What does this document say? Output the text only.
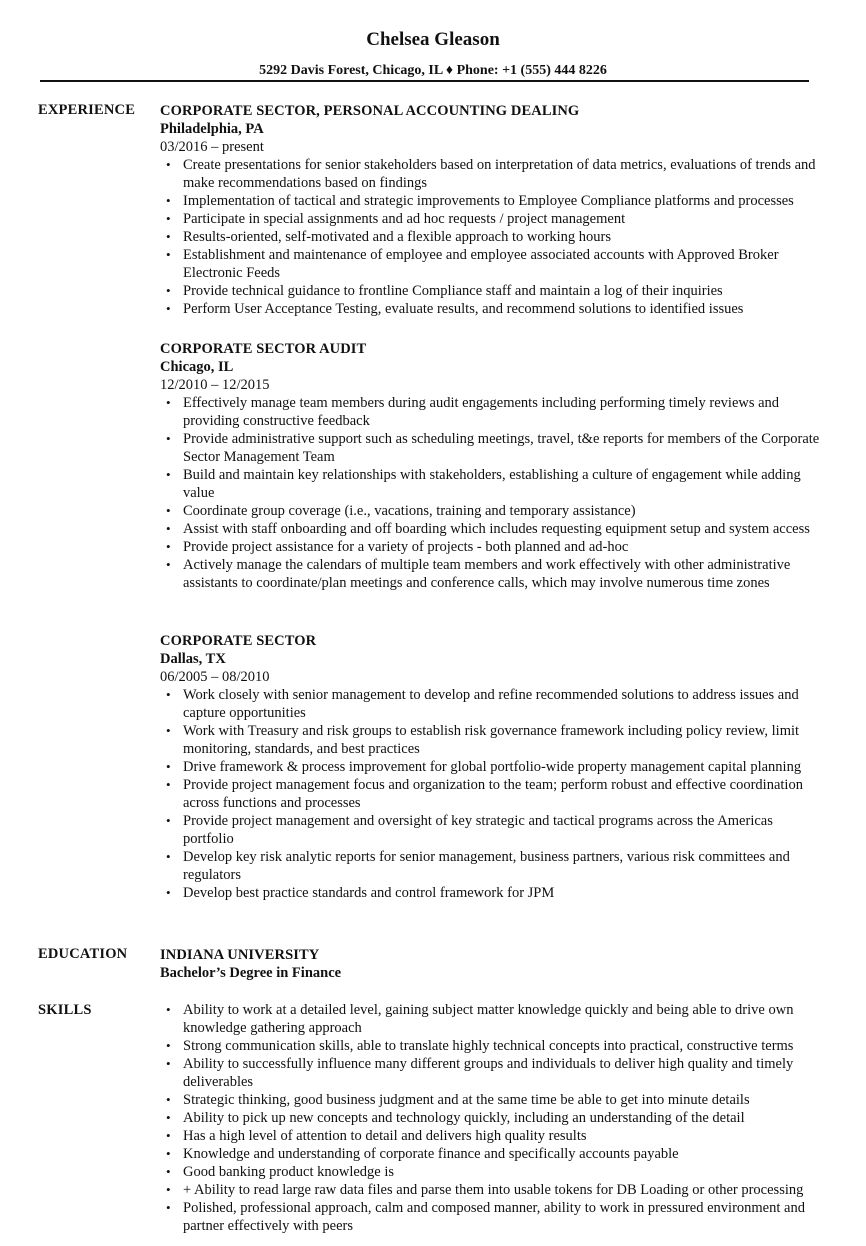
Chelsea Gleason
5292 Davis Forest, Chicago, IL ♦ Phone: +1 (555) 444 8226
EXPERIENCE CORPORATE SECTOR, PERSONAL ACCOUNTING DEALING
Philadelphia, PA
03/2016 – present
• Create presentations for senior stakeholders based on interpretation of data metrics, evaluations of trends and make recommendations based on findings
• Implementation of tactical and strategic improvements to Employee Compliance platforms and processes
• Participate in special assignments and ad hoc requests / project management
• Results-oriented, self-motivated and a flexible approach to working hours
• Establishment and maintenance of employee and employee associated accounts with Approved Broker Electronic Feeds
• Provide technical guidance to frontline Compliance staff and maintain a log of their inquiries
• Perform User Acceptance Testing, evaluate results, and recommend solutions to identified issues
CORPORATE SECTOR AUDIT
Chicago, IL
12/2010 – 12/2015
• Effectively manage team members during audit engagements including performing timely reviews and providing constructive feedback
• Provide administrative support such as scheduling meetings, travel, t&e reports for members of the Corporate Sector Management Team
• Build and maintain key relationships with stakeholders, establishing a culture of engagement while adding value
• Coordinate group coverage (i.e., vacations, training and temporary assistance)
• Assist with staff onboarding and off boarding which includes requesting equipment setup and system access
• Provide project assistance for a variety of projects - both planned and ad-hoc
• Actively manage the calendars of multiple team members and work effectively with other administrative assistants to coordinate/plan meetings and conference calls, which may involve numerous time zones
CORPORATE SECTOR
Dallas, TX
06/2005 – 08/2010
• Work closely with senior management to develop and refine recommended solutions to address issues and capture opportunities
• Work with Treasury and risk groups to establish risk governance framework including policy review, limit monitoring, standards, and best practices
• Drive framework & process improvement for global portfolio-wide property management capital planning
• Provide project management focus and organization to the team; perform robust and effective coordination across functions and processes
• Provide project management and oversight of key strategic and tactical programs across the Americas portfolio
• Develop key risk analytic reports for senior management, business partners, various risk committees and regulators
• Develop best practice standards and control framework for JPM
EDUCATION INDIANA UNIVERSITY
Bachelor’s Degree in Finance
SKILLS
•	Ability to work at a detailed level, gaining subject matter knowledge quickly and being able to drive own knowledge gathering approach
• Strong communication skills, able to translate highly technical concepts into practical, constructive terms
• Ability to successfully influence many different groups and individuals to deliver high quality and timely deliverables
• Strategic thinking, good business judgment and at the same time be able to get into minute details
• Ability to pick up new concepts and technology quickly, including an understanding of the detail
• Has a high level of attention to detail and delivers high quality results
• Knowledge and understanding of corporate finance and specifically accounts payable
• Good banking product knowledge is
• + Ability to read large raw data files and parse them into usable tokens for DB Loading or other processing
• Polished, professional approach, calm and composed manner, ability to work in pressured environment and partner effectively with peers
